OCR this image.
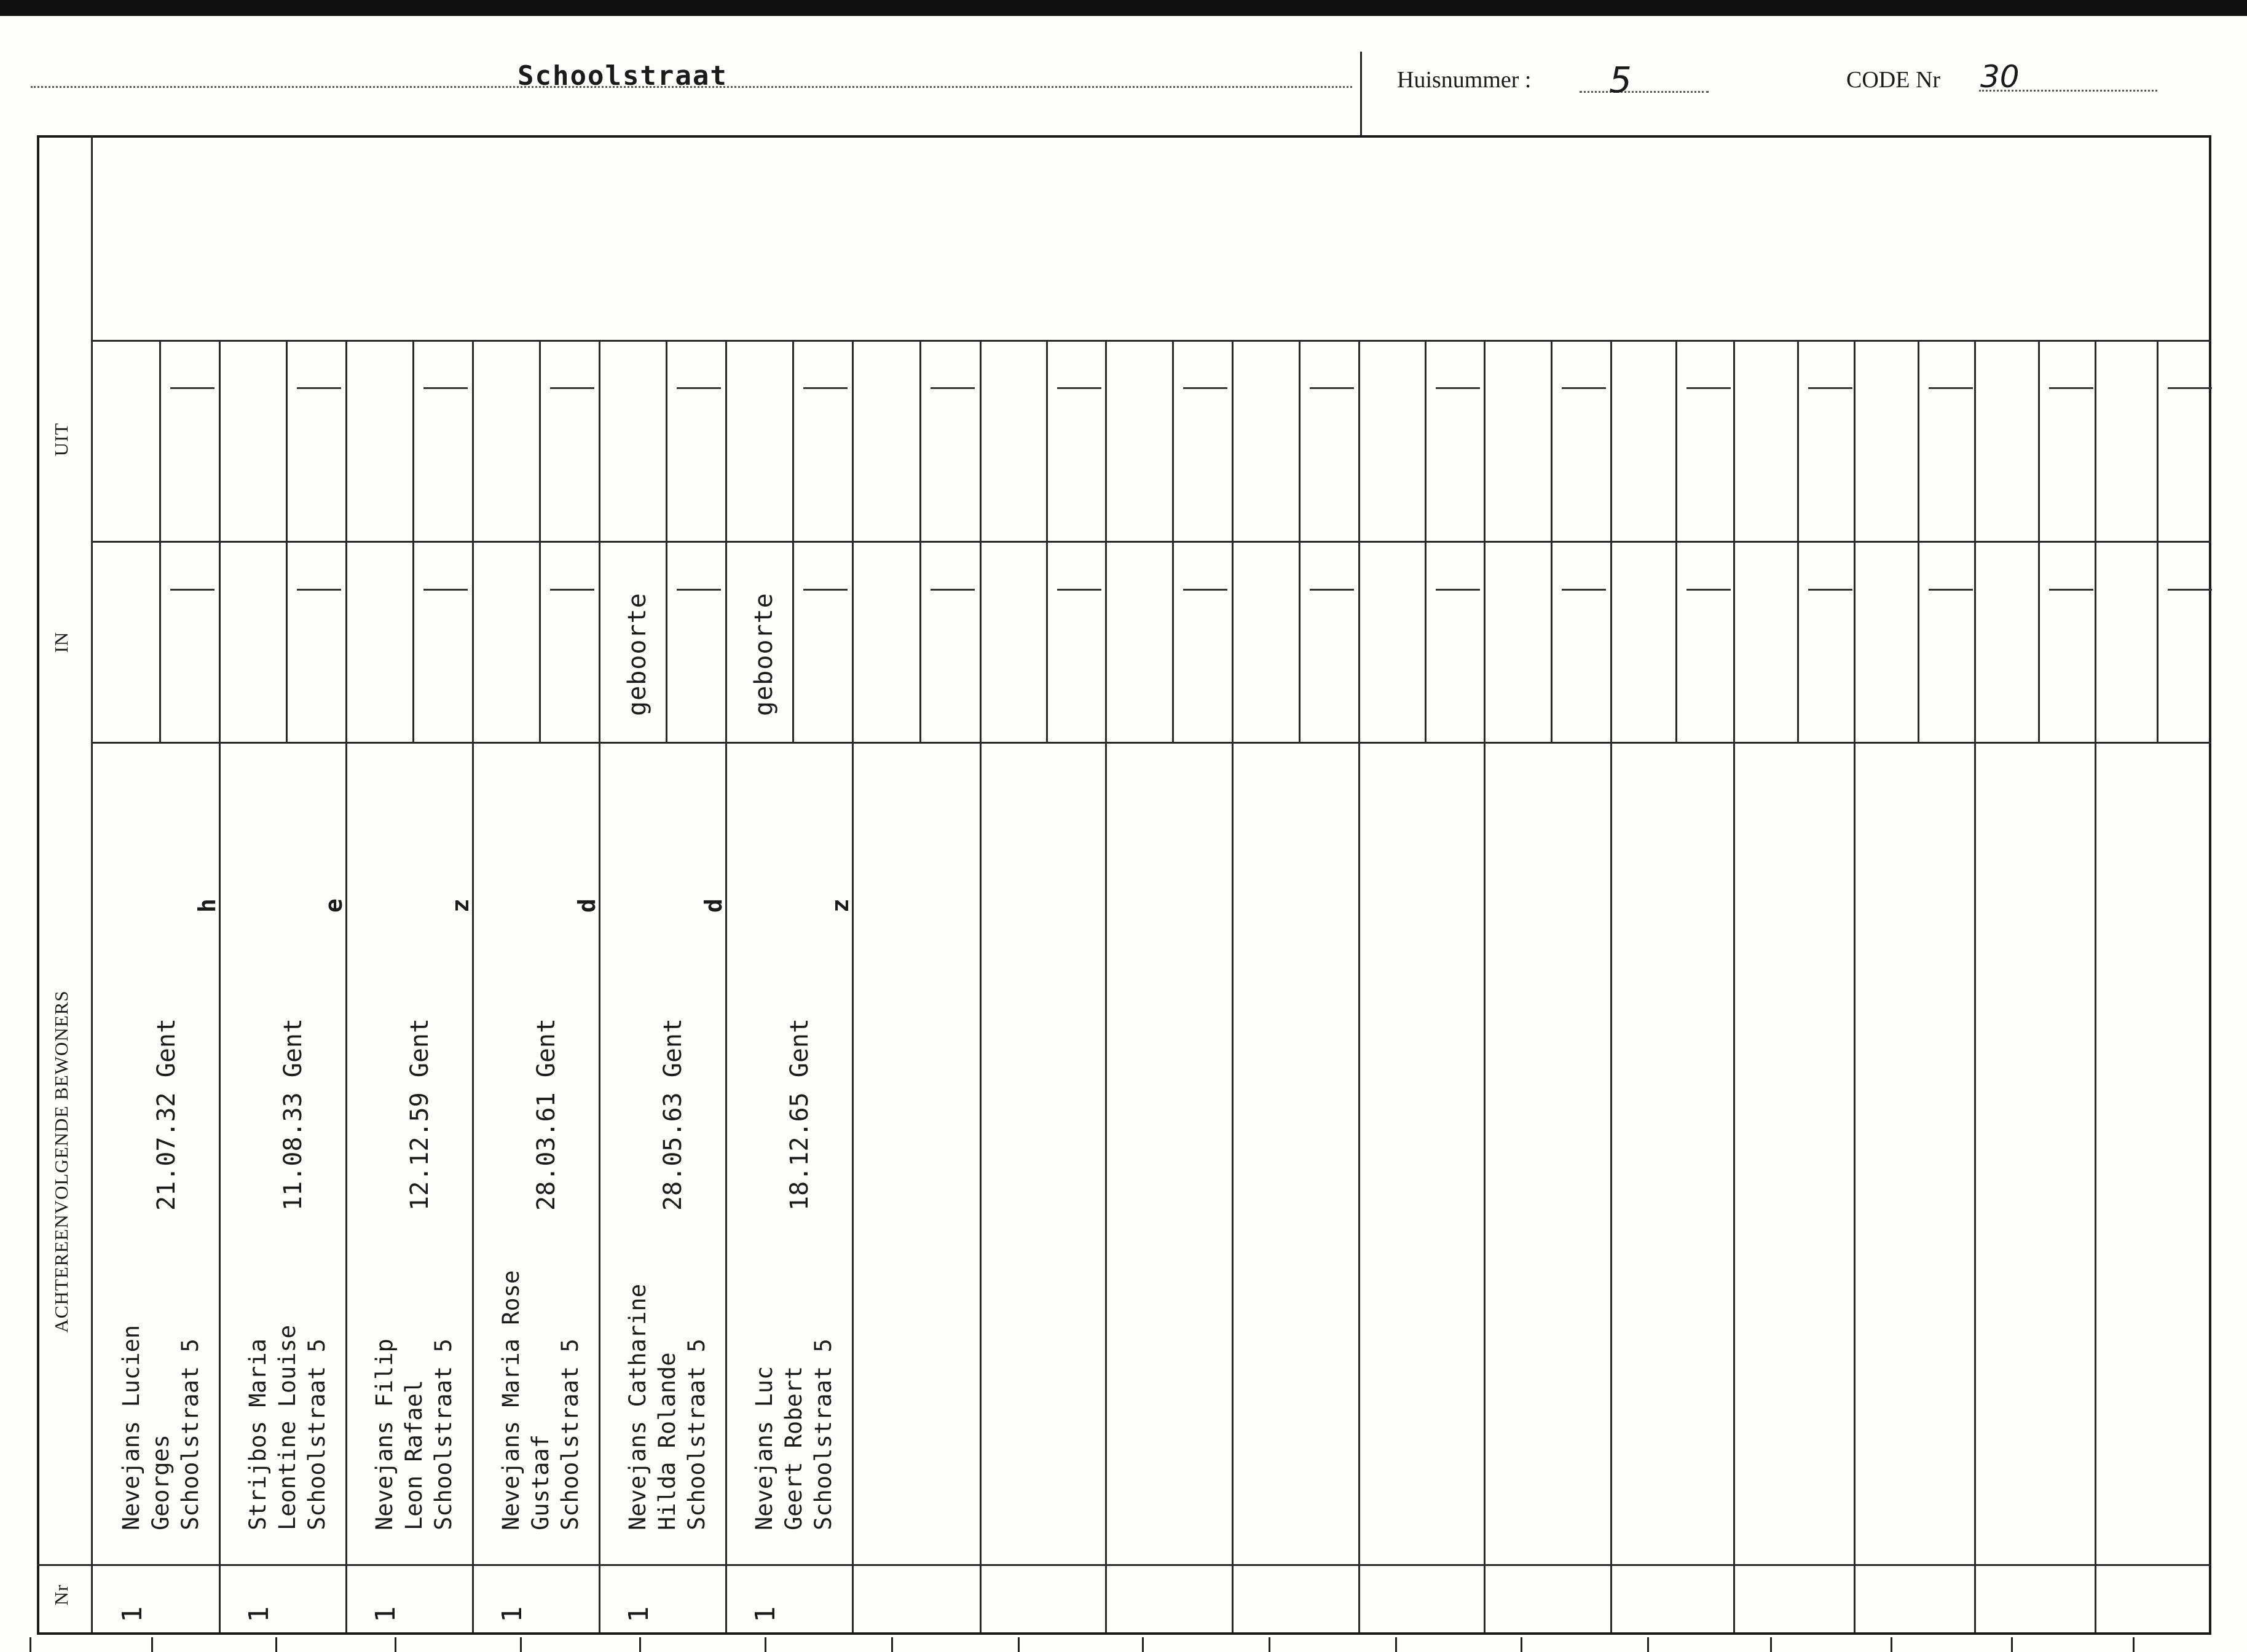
Schoolstraat	Huisnummer : 5	CODE Nr 30
UIT
IN
ACHTEREENVOLGENDE BEWONERS
Nr
Nevejans Lucien Georges Schoolstraat 5
21.07.32 Gent
h
1
Strijbos Maria Leontine Louise Schoolstraat 5
11.08.33 Gent
e
1
Nevejans Filip Leon Rafael Schoolstraat 5
12.12.59 Gent
z
1
Nevejans Maria Rose Gustaaf Schoolstraat 5
28.03.61 Gent
d
1
Nevejans Catharine Hilda Rolande Schoolstraat 5
28.05.63 Gent
d
1
geboorte
Nevejans Luc Geert Robert Schoolstraat 5
18.12.65 Gent
z
1
geboorte
